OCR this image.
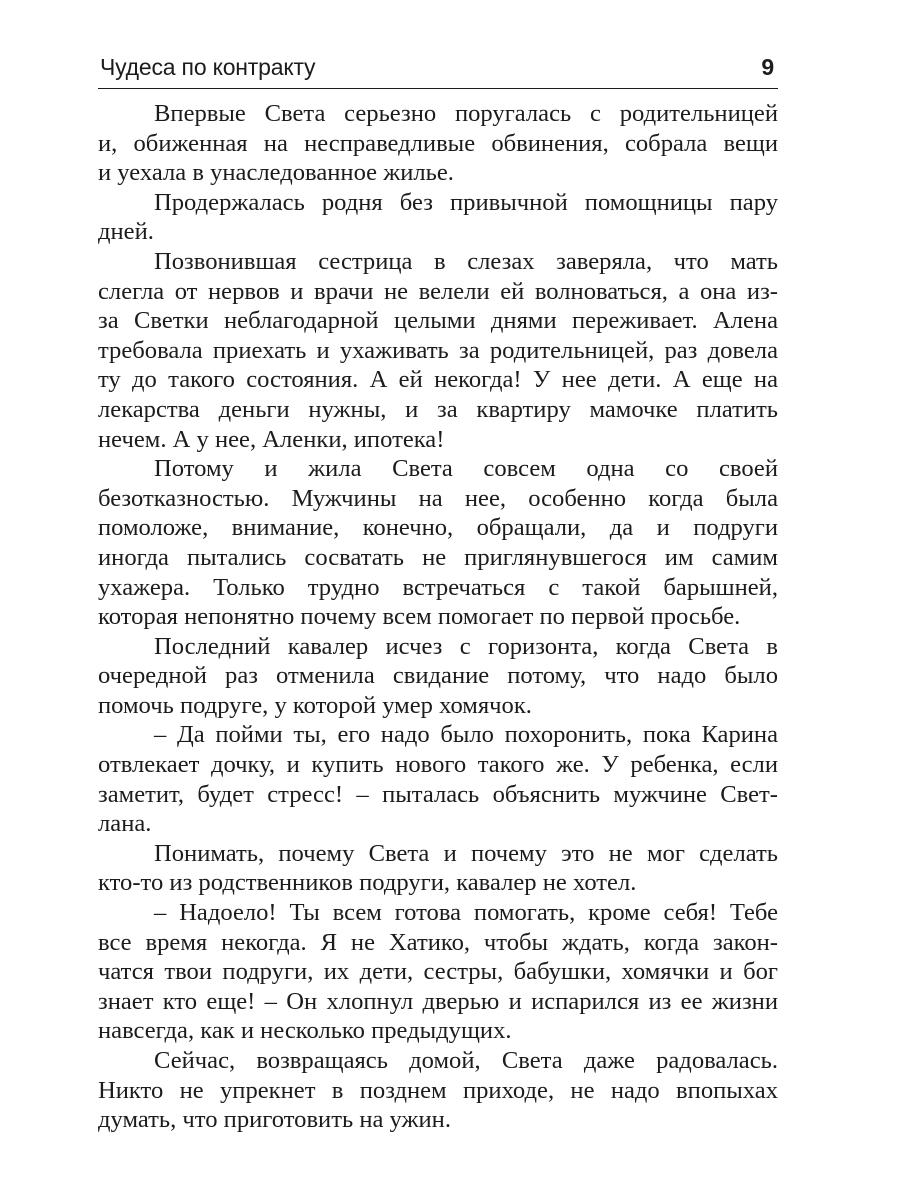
Чудеса по контракту	9

Впервые Света серьезно поругалась с родительницей
и, обиженная на несправедливые обвинения, собрала вещи
и уехала в унаследованное жилье.

Продержалась родня без привычной помощницы пару
дней.

Позвонившая сестрица в слезах заверяла, что мать
слегла от нервов и врачи не велели ей волноваться, а она из-
за Светки неблагодарной целыми днями переживает. Алена
требовала приехать и ухаживать за родительницей, раз довела
ту до такого состояния. А ей некогда! У нее дети. А еще на
лекарства деньги нужны, и за квартиру мамочке платить
нечем. А у нее, Аленки, ипотека!

Потому и жила Света совсем одна со своей
безотказностью. Мужчины на нее, особенно когда была
помоложе, внимание, конечно, обращали, да и подруги
иногда пытались сосватать не приглянувшегося им самим
ухажера. Только трудно встречаться с такой барышней,
которая непонятно почему всем помогает по первой просьбе.

Последний кавалер исчез с горизонта, когда Света в
очередной раз отменила свидание потому, что надо было
помочь подруге, у которой умер хомячок.

– Да пойми ты, его надо было похоронить, пока Карина
отвлекает дочку, и купить нового такого же. У ребенка, если
заметит, будет стресс! – пыталась объяснить мужчине Свет-
лана.

Понимать, почему Света и почему это не мог сделать
кто-то из родственников подруги, кавалер не хотел.

– Надоело! Ты всем готова помогать, кроме себя! Тебе
все время некогда. Я не Хатико, чтобы ждать, когда закон-
чатся твои подруги, их дети, сестры, бабушки, хомячки и бог
знает кто еще! – Он хлопнул дверью и испарился из ее жизни
навсегда, как и несколько предыдущих.

Сейчас, возвращаясь домой, Света даже радовалась.
Никто не упрекнет в позднем приходе, не надо впопыхах
думать, что приготовить на ужин.
